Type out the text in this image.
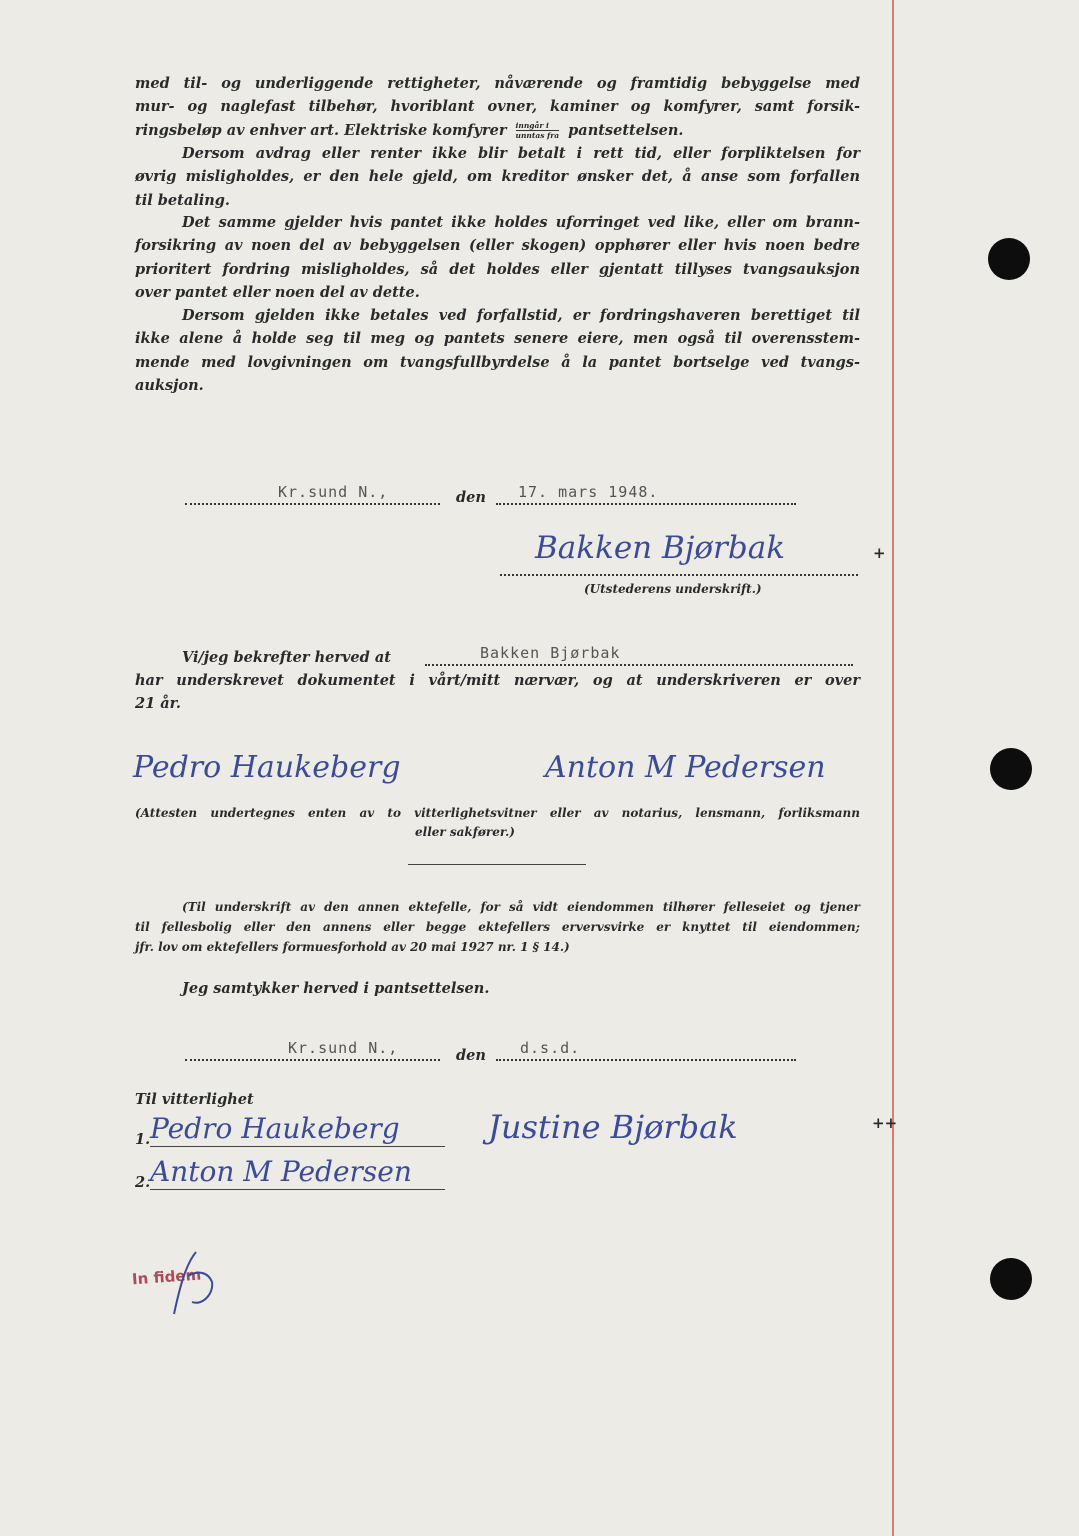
med til- og underliggende rettigheter, nåværende og framtidig bebyggelse med
mur- og naglefast tilbehør, hvoriblant ovner, kaminer og komfyrer, samt forsik-
ringsbeløp av enhver art. Elektriske komfyrer $\frac{\text{inngår i}}{\text{unntas fra}}$ pantsettelsen.
Dersom avdrag eller renter ikke blir betalt i rett tid, eller forpliktelsen for
øvrig misligholdes, er den hele gjeld, om kreditor ønsker det, å anse som forfallen
til betaling.
Det samme gjelder hvis pantet ikke holdes uforringet ved like, eller om brann-
forsikring av noen del av bebyggelsen (eller skogen) opphører eller hvis noen bedre
prioritert fordring misligholdes, så det holdes eller gjentatt tillyses tvangsauksjon
over pantet eller noen del av dette.
Dersom gjelden ikke betales ved forfallstid, er fordringshaveren berettiget til
ikke alene å holde seg til meg og pantets senere eiere, men også til overensstem-
mende med lovgivningen om tvangsfullbyrdelse å la pantet bortselge ved tvangs-
auksjon.
Kr.sund N.,	den 17. mars 1948.
Bakken Bjørbak	+
(Utstederens underskrift.)
Vi/jeg bekrefter herved at	Bakken Bjørbak
har underskrevet dokumentet i vårt/mitt nærvær, og at underskriveren er over
21 år.
Pedro Haukeberg	Anton M Pedersen
(Attesten undertegnes enten av to vitterlighetsvitner eller av notarius, lensmann, forliksmann
eller sakfører.)
(Til underskrift av den annen ektefelle, for så vidt eiendommen tilhører felleseiet og tjener
til fellesbolig eller den annens eller begge ektefellers ervervsvirke er knyttet til eiendommen;
jfr. lov om ektefellers formuesforhold av 20 mai 1927 nr. 1 § 14.)
Jeg samtykker herved i pantsettelsen.
Kr.sund N.,	den d.s.d.
Til vitterlighet
1. Pedro Haukeberg
2. Anton M Pedersen
Justine Bjørbak	++
In fidem
